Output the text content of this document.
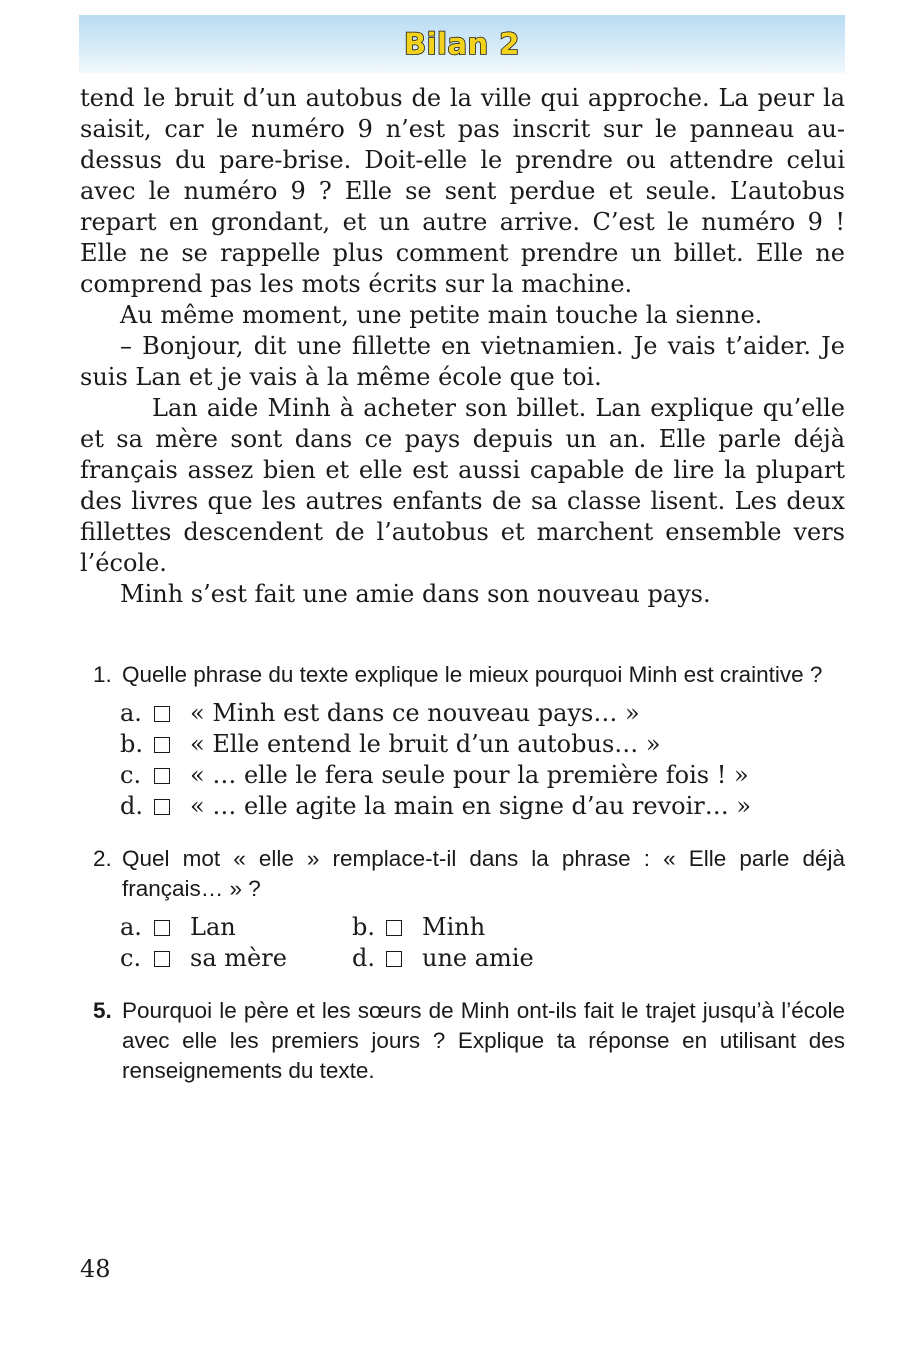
Bilan 2

tend le bruit d’un autobus de la ville qui approche. La peur la saisit, car le numéro 9 n’est pas inscrit sur le panneau au-dessus du pare-brise. Doit-elle le prendre ou attendre celui avec le numéro 9 ? Elle se sent perdue et seule. L’autobus repart en grondant, et un autre arrive. C’est le numéro 9 ! Elle ne se rappelle plus comment prendre un billet. Elle ne comprend pas les mots écrits sur la machine.

Au même moment, une petite main touche la sienne.

– Bonjour, dit une fillette en vietnamien. Je vais t’aider. Je suis Lan et je vais à la même école que toi.

Lan aide Minh à acheter son billet. Lan explique qu’elle et sa mère sont dans ce pays depuis un an. Elle parle déjà français assez bien et elle est aussi capable de lire la plupart des livres que les autres enfants de sa classe lisent. Les deux fillettes descendent de l’autobus et marchent ensemble vers l’école.

Minh s’est fait une amie dans son nouveau pays.

1. Quelle phrase du texte explique le mieux pourquoi Minh est craintive ?
a.	« Minh est dans ce nouveau pays… »
b.	« Elle entend le bruit d’un autobus… »
c.	« … elle le fera seule pour la première fois ! »
d.	« … elle agite la main en signe d’au revoir… »
2. Quel mot « elle » remplace-t-il dans la phrase : « Elle parle déjà français… » ?
a.	Lan	b.	Minh
c.	sa mère	d.	une amie
5. Pourquoi le père et les sœurs de Minh ont-ils fait le trajet jusqu’à l’école avec elle les premiers jours ? Explique ta réponse en utilisant des renseignements du texte.
48
